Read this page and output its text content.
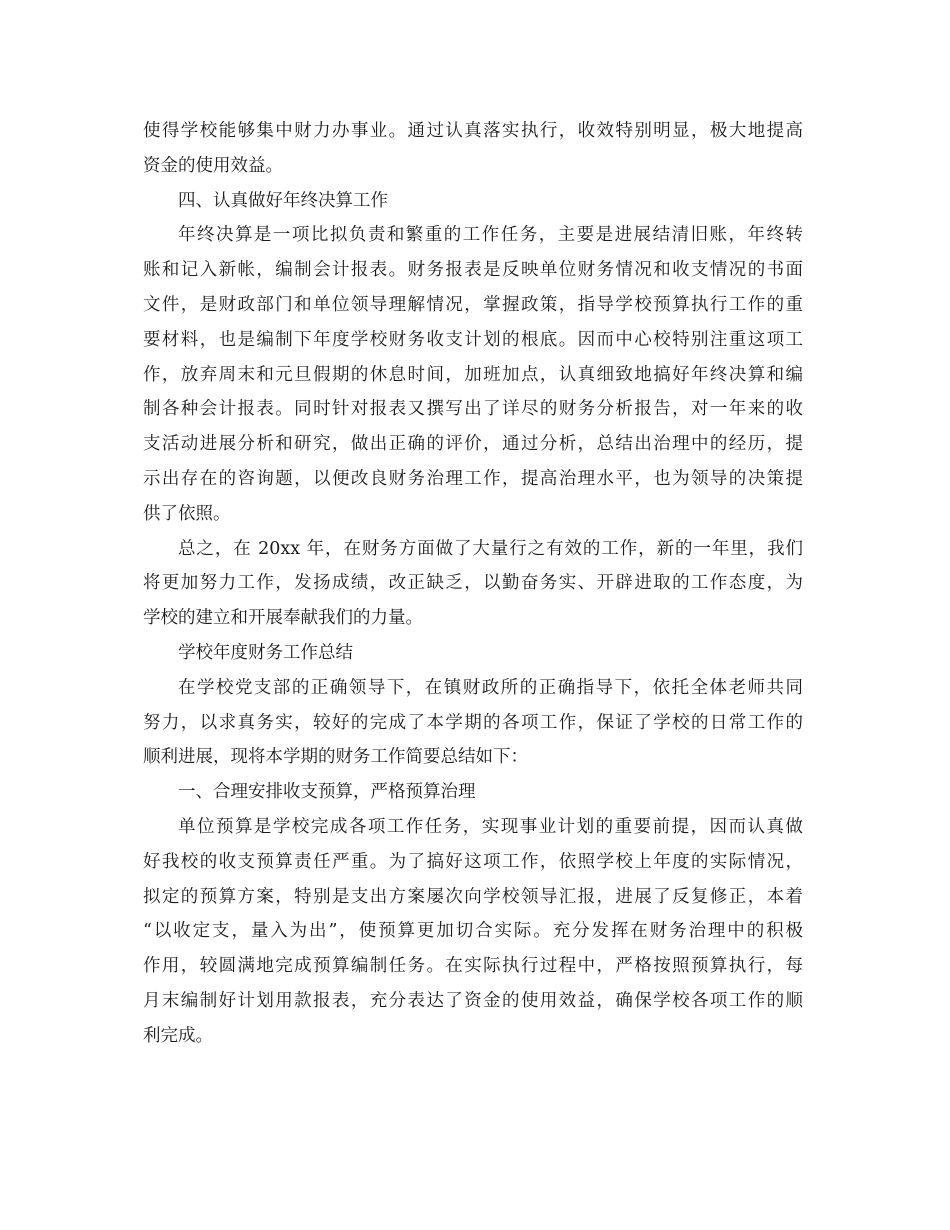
使得学校能够集中财力办事业。通过认真落实执行，收效特别明显，极大地提高
资金的使用效益。
四、认真做好年终决算工作
年终决算是一项比拟负责和繁重的工作任务，主要是进展结清旧账，年终转
账和记入新帐，编制会计报表。财务报表是反映单位财务情况和收支情况的书面
文件，是财政部门和单位领导理解情况，掌握政策，指导学校预算执行工作的重
要材料，也是编制下年度学校财务收支计划的根底。因而中心校特别注重这项工
作，放弃周末和元旦假期的休息时间，加班加点，认真细致地搞好年终决算和编
制各种会计报表。同时针对报表又撰写出了详尽的财务分析报告，对一年来的收
支活动进展分析和研究，做出正确的评价，通过分析，总结出治理中的经历，提
示出存在的咨询题，以便改良财务治理工作，提高治理水平，也为领导的决策提
供了依照。
总之，在 20xx 年，在财务方面做了大量行之有效的工作，新的一年里，我们
将更加努力工作，发扬成绩，改正缺乏，以勤奋务实、开辟进取的工作态度，为
学校的建立和开展奉献我们的力量。
学校年度财务工作总结
在学校党支部的正确领导下，在镇财政所的正确指导下，依托全体老师共同
努力，以求真务实，较好的完成了本学期的各项工作，保证了学校的日常工作的
顺利进展，现将本学期的财务工作简要总结如下：
一、合理安排收支预算，严格预算治理
单位预算是学校完成各项工作任务，实现事业计划的重要前提，因而认真做
好我校的收支预算责任严重。为了搞好这项工作，依照学校上年度的实际情况，
拟定的预算方案，特别是支出方案屡次向学校领导汇报，进展了反复修正，本着
“以收定支，量入为出”，使预算更加切合实际。充分发挥在财务治理中的积极
作用，较圆满地完成预算编制任务。在实际执行过程中，严格按照预算执行，每
月末编制好计划用款报表，充分表达了资金的使用效益，确保学校各项工作的顺
利完成。
